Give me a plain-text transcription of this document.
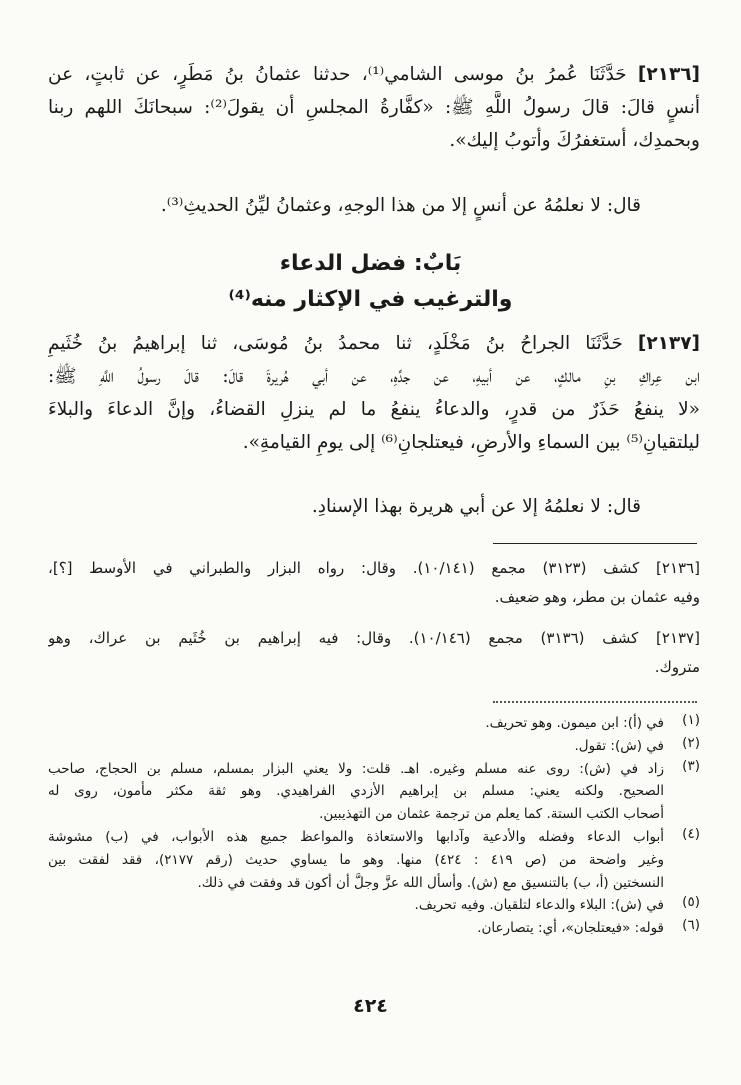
[٢١٣٦] حَدَّثَنَا عُمرُ بنُ موسى الشامي⁽¹⁾، حدثنا عثمانُ بنُ مَطَرٍ، عن ثابتٍ، عن
أنسٍ قالَ: قالَ رسولُ اللَّهِ ﷺ: «كفَّارةُ المجلسِ أن يقولَ⁽²⁾: سبحانَكَ اللهم ربنا
وبحمدِك، أستغفرُكَ وأتوبُ إليك».
قال: لا نعلمُهُ عن أنسٍ إلا من هذا الوجهِ، وعثمانُ ليِّنُ الحديثِ⁽³⁾.
بَابٌ: فضل الدعاء
والترغيب في الإكثار منه⁽⁴⁾
[٢١٣٧] حَدَّثَنَا الجراحُ بنُ مَخْلَدٍ، ثنا محمدُ بنُ مُوسَى، ثنا إبراهيمُ بنُ خُثَيمِ
ابن عِراكِ بنِ مالكٍ، عن أبيهِ، عن جدِّهِ، عن أبي هُريرةَ قالَ: قالَ رسولُ اللَّهِ ﷺ:
«لا ينفعُ حَذَرٌ من قدرٍ، والدعاءُ ينفعُ ما لم ينزلِ القضاءُ، وإنَّ الدعاءَ والبلاءَ
ليلتقيانِ⁽⁵⁾ بين السماءِ والأرضِ، فيعتلجانِ⁽⁶⁾ إلى يومِ القيامةِ».
قال: لا نعلمُهُ إلا عن أبي هريرة بهذا الإسنادِ.
[٢١٣٦] كشف (٣١٢٣) مجمع (١٠/١٤١). وقال: رواه البزار والطبراني في الأوسط [؟]،
وفيه عثمان بن مطر، وهو ضعيف.
[٢١٣٧] كشف (٣١٣٦) مجمع (١٠/١٤٦). وقال: فيه إبراهيم بن خُثَيم بن عراك، وهو
متروك.
(١)
في (أ): ابن ميمون. وهو تحريف.
(٢)
في (ش): تقول.
(٣)
زاد في (ش): روى عنه مسلم وغيره. اهـ. قلت: ولا يعني البزار بمسلم، مسلم بن الحجاج، صاحب
الصحيح. ولكنه يعني: مسلم بن إبراهيم الأزدي الفراهيدي. وهو ثقة مكثر مأمون، روى له
أصحاب الكتب الستة. كما يعلم من ترجمة عثمان من التهذيبين.
(٤)
أبواب الدعاء وفضله والأدعية وآدابها والاستعاذة والمواعظ جميع هذه الأبواب، في (ب) مشوشة
وغير واضحة من (ص ٤١٩ : ٤٢٤) منها. وهو ما يساوي حديث (رقم ٢١٧٧)، فقد لفقت بين
النسختين (أ، ب) بالتنسيق مع (ش). وأسأل الله عزَّ وجلَّ أن أكون قد وفقت في ذلك.
(٥)
في (ش): البلاء والدعاء لتلقيان. وفيه تحريف.
(٦)
قوله: «فيعتلجان»، أي: يتصارعان.
٤٢٤
